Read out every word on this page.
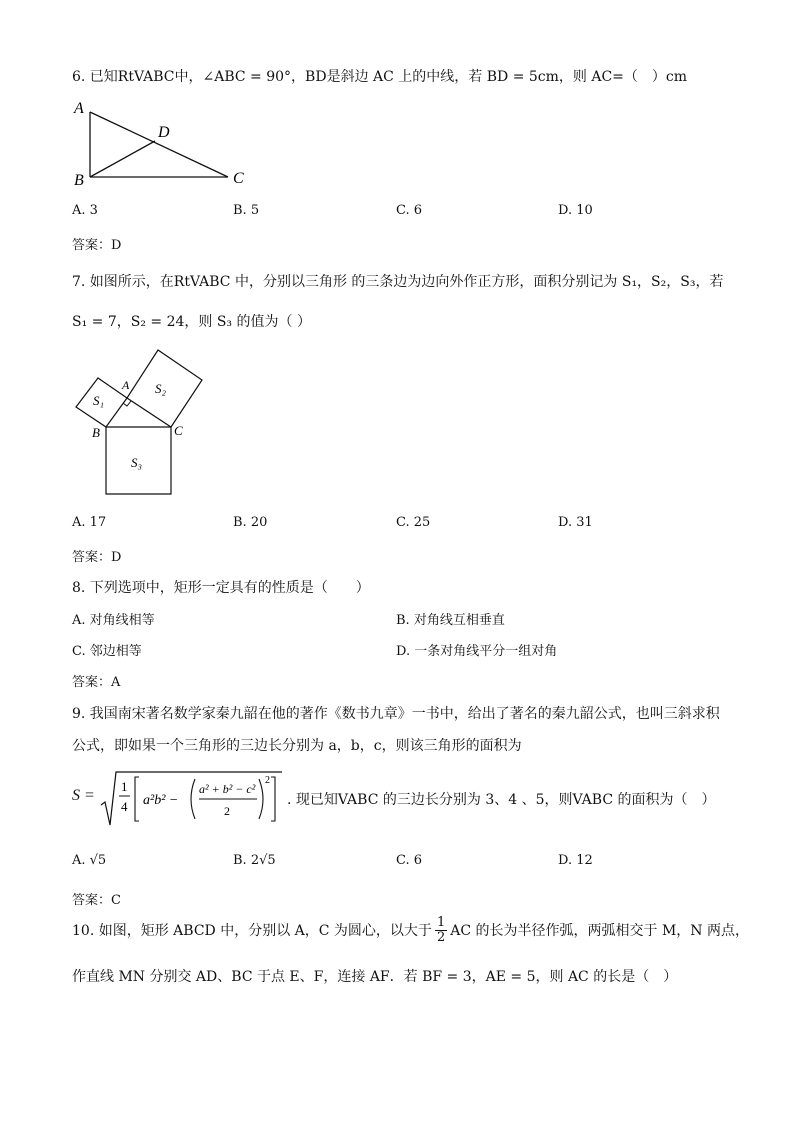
6. 已知RtVABC中，∠ABC = 90°，BD是斜边 AC 上的中线，若 BD = 5cm，则 AC=（　）cm
A
D
B	C
A. 3	B. 5	C. 6	D. 10
答案：D
7. 如图所示，在RtVABC 中，分别以三角形 的三条边为边向外作正方形，面积分别记为 S₁，S₂，S₃，若
S₁ = 7，S₂ = 24，则 S₃ 的值为（ ）
A
B	C
S₁
S₂
S₃
A. 17	B. 20	C. 25	D. 31
答案：D
8. 下列选项中，矩形一定具有的性质是（　　）
A. 对角线相等	B. 对角线互相垂直
C. 邻边相等	D. 一条对角线平分一组对角
答案：A
9. 我国南宋著名数学家秦九韶在他的著作《数书九章》一书中，给出了著名的秦九韶公式，也叫三斜求积
公式，即如果一个三角形的三边长分别为 a，b，c，则该三角形的面积为
S =
1
4 a²b² −
a² + b² − c²
2
2
. 现已知VABC 的三边长分别为 3、4 、5，则VABC 的面积为（　）
A. √5	B. 2√5	C. 6	D. 12
答案：C
10. 如图，矩形 ABCD 中，分别以 A，C 为圆心，以大于 $\frac{1}{2}$ AC 的长为半径作弧，两弧相交于 M，N 两点，
作直线 MN 分别交 AD、BC 于点 E、F，连接 AF．若 BF = 3，AE = 5，则 AC 的长是（　）
